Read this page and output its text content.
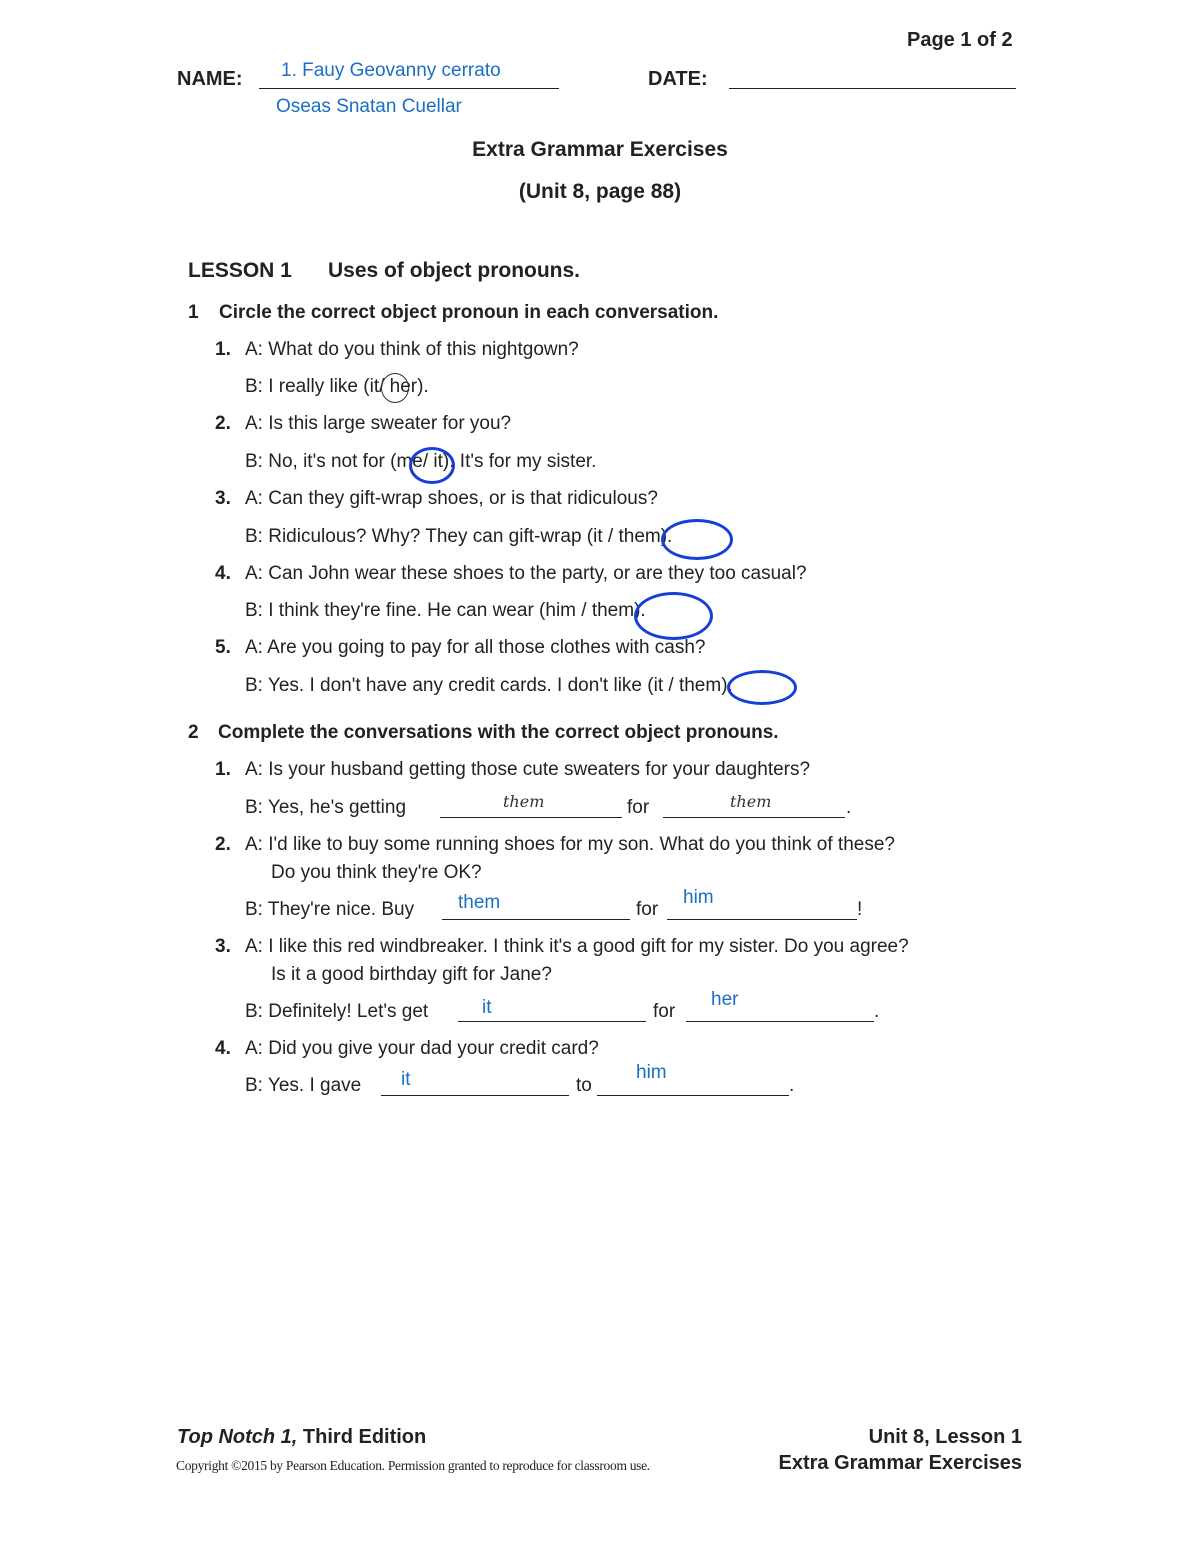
Page 1 of 2
NAME: 1. Fauy Geovanny cerrato
Oseas Snatan Cuellar
DATE:
Extra Grammar Exercises
(Unit 8, page 88)
LESSON 1 Uses of object pronouns.
1 Circle the correct object pronoun in each conversation.
1. A: What do you think of this nightgown?
B: I really like (it/ her).
2. A: Is this large sweater for you?
B: No, it's not for (me/ it). It's for my sister.
3. A: Can they gift-wrap shoes, or is that ridiculous?
B: Ridiculous? Why? They can gift-wrap (it / them).
4. A: Can John wear these shoes to the party, or are they too casual?
B: I think they're fine. He can wear (him / them).
5. A: Are you going to pay for all those clothes with cash?
B: Yes. I don't have any credit cards. I don't like (it / them).
2 Complete the conversations with the correct object pronouns.
1. A: Is your husband getting those cute sweaters for your daughters?
B: Yes, he's getting	them	for	them	.
2. A: I'd like to buy some running shoes for my son. What do you think of these?
Do you think they're OK?
B: They're nice. Buy them	for
him
!
3. A: I like this red windbreaker. I think it's a good gift for my sister. Do you agree?
Is it a good birthday gift for Jane?
B: Definitely! Let's get	it	for
her
.
4. A: Did you give your dad your credit card?
B: Yes. I gave it	to
him
.
Top Notch 1, Third Edition
Copyright ©2015 by Pearson Education. Permission granted to reproduce for classroom use.
Unit 8, Lesson 1
Extra Grammar Exercises
